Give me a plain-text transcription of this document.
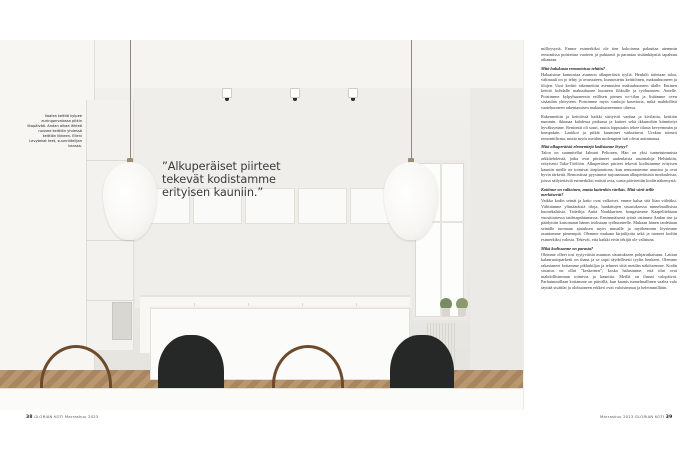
”Alkuperäiset piirteet tekevät kodistamme erityisen kauniin.”
Vaalea keittiö kylpee auringonvalossa pitkin iltapäivää. Andan alkaa lähteä nousee keittiön yhdessä keittiön likkeen. Elleni Levytekat teet, suunnittelijan kanssa.

milloysyrtä. Emme esimerkiksi ole tien kokoisena palauttaa aiemmin remontissa poistettua vuoteen ja puhtaasti ja parantaa sisäänkäyntiä tapahtuu aikanaan.

Mitä halukasta remontoissa tehtiin?

Haluaisime kunnostaa asunnon alkuperäistä tyyliä. Henkilö taitetaan taloa, välimaali on jo tehty ja avaruuteen, kunnostettu keittiöinen, makuuhuoneen ja tilojen. Uusi keittiö rakennettiin asennusten makuuhuoneen tilalle. Entinen keittiö kohdalle makuuhuone huoneen flöksille ja työhuoneen. Antelle. Poistimme kylpyhuoneesta erillisen pienen wc-tilan ja lisäämme oven sisäaulan yhteyteen. Poistimme myös vanhoja kasettoria, mikä mahdollisti vaatehuoneen rakentamisen makuuhuoneemme ohessa.

Rakennettiin ja keittiössä kaikki siirtyivät vanhaa ja kivilattia, keittiön nummin, ikkunaa kahdessa paikassa ja kaiteet sekä ikkunoihin kiinnitetyt hyväksymme. Remontti oli suuri, mutta lopputulos tekee tilasta kevyemmän ja kompaktin. Laatikot ja pitkät kuuminet vaikuttavat. Urakan toteutti remonttifirma, mutta myös meidän molempien isät olivat auttamassa.

Mitä alkuperäisiä elementtejä kodistanne löytyy?

Talon on suunnitellut Jalmari Peltonen. Hän on yksi tunnetuimmista arkkitehdeistä, jotka ovat piirtäneet uudenlaisia asuintaloja Helsinkiin, erityisesti Taka-Töölöön. Alkuperäiset piirteet tekevät kodistamme erityisen kauniin meille ne toimivat inspiraationa, kun remontoimme asuntoa ja ovat hyvin tärkeitä. Remontissa pyysimme tarjoaamaan alkuperäisistä moduuleista, joissa säilytettäviä esimerkiksi entisiä ovia, uusia päivitettiin kodin näkemystä.

Kotiinne on valkoinen, mutta kuitenkin värikäs. Mitä värit teille merkitsevät?

Vaikka kodin seinät ja katto ovat valkoiset, emme halua sitä liian viileäksi. Välittämme ylimääräisiä tiloja, hankittujen sisustuksessa tunnelmallisista huonekaluista. Taiteilija Anita Naukkarisen bongasimme Kaapelitehtaan vuosittaisessa taidetapahtumassa. Ensimmäisenä työnä ostimme Andan itse ja päädyttiin katsomaan hänen teoksiaan työhuoneelle. Mukaan hänen taidettaan seinälle tuomaan ajatuksen myös muualle ja myöhemmin löysimme asuntomme pienempiä. Olemme mukana kirjailijoita sekä ja tuoneet kodiin esimerkiksi valosta. Tekevät, että kaikki eivät tekijät ole valittuna.

Mikä kodissanne on parasta?

Olemme olleet tosi tyytyväisiä asunnon sisustukseen pohjaratkaisuun. Lattian kalanruotoparketti on ihana ja se sopii täydellisesti tyylin henkeen. Olemme rakastaneet kotiamme pikkuhiljaa ja tehneet siitä meidän näköisemme. Kodin sisustus on ollut ”keskeinen”, koska halusimme, että tilat ovat mahdollisimman toimivia ja kauniita. Meillä on ihanat valopäivät. Parhaimmillaan kotiamme on päivällä, kun kaunis tunnelmallinen vaalea valo täyttää sisätilat ja olohuoneen erkkeri ovat valoisimmat ja heleimmillään.

38 GLORIAN KOTI Marraskuu 2023	Marraskuu 2023 GLORIAN KOTI 39
